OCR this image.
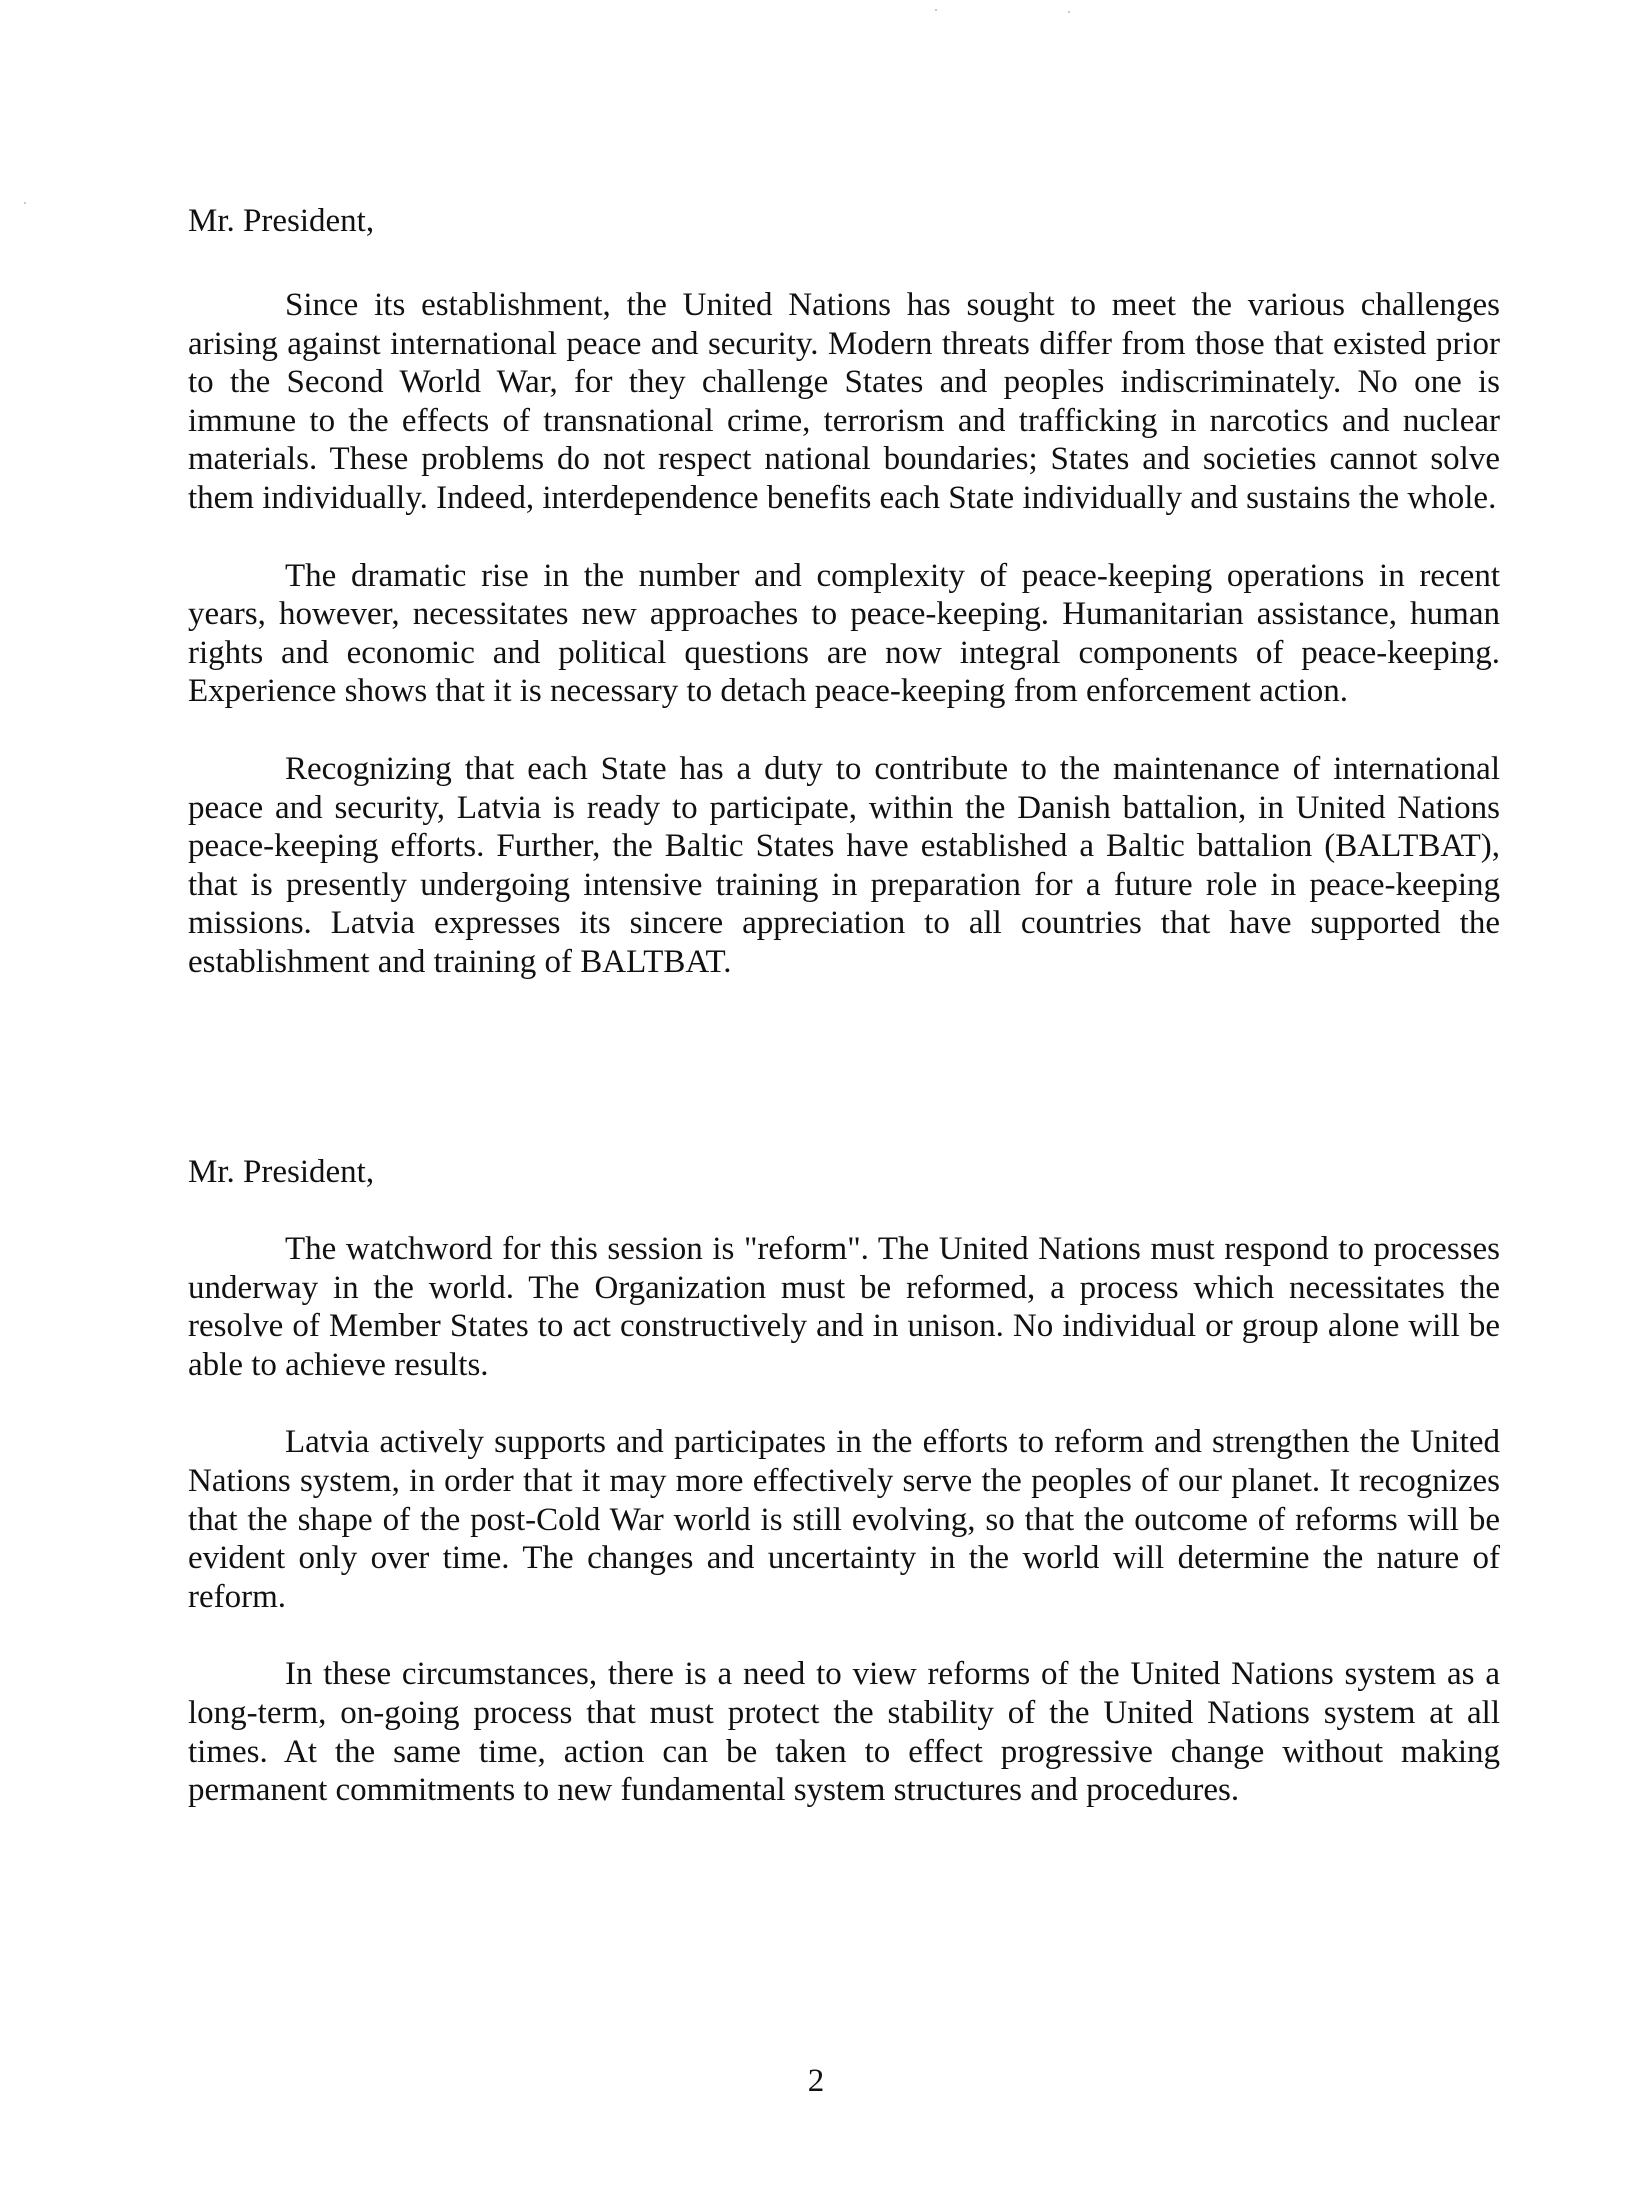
Mr. President,

Since its establishment, the United Nations has sought to meet the various challenges arising against international peace and security. Modern threats differ from those that existed prior to the Second World War, for they challenge States and peoples indiscriminately. No one is immune to the effects of transnational crime, terrorism and trafficking in narcotics and nuclear materials. These problems do not respect national boundaries; States and societies cannot solve them individually. Indeed, interdependence benefits each State individually and sustains the whole.

The dramatic rise in the number and complexity of peace-keeping operations in recent years, however, necessitates new approaches to peace-keeping. Humanitarian assistance, human rights and economic and political questions are now integral components of peace-keeping. Experience shows that it is necessary to detach peace-keeping from enforcement action.

Recognizing that each State has a duty to contribute to the maintenance of international peace and security, Latvia is ready to participate, within the Danish battalion, in United Nations peace-keeping efforts. Further, the Baltic States have established a Baltic battalion (BALTBAT), that is presently undergoing intensive training in preparation for a future role in peace-keeping missions. Latvia expresses its sincere appreciation to all countries that have supported the establishment and training of BALTBAT.

Mr. President,

The watchword for this session is "reform". The United Nations must respond to processes underway in the world. The Organization must be reformed, a process which necessitates the resolve of Member States to act constructively and in unison. No individual or group alone will be able to achieve results.

Latvia actively supports and participates in the efforts to reform and strengthen the United Nations system, in order that it may more effectively serve the peoples of our planet. It recognizes that the shape of the post-Cold War world is still evolving, so that the outcome of reforms will be evident only over time. The changes and uncertainty in the world will determine the nature of reform.

In these circumstances, there is a need to view reforms of the United Nations system as a long-term, on-going process that must protect the stability of the United Nations system at all times. At the same time, action can be taken to effect progressive change without making permanent commitments to new fundamental system structures and procedures.

2
